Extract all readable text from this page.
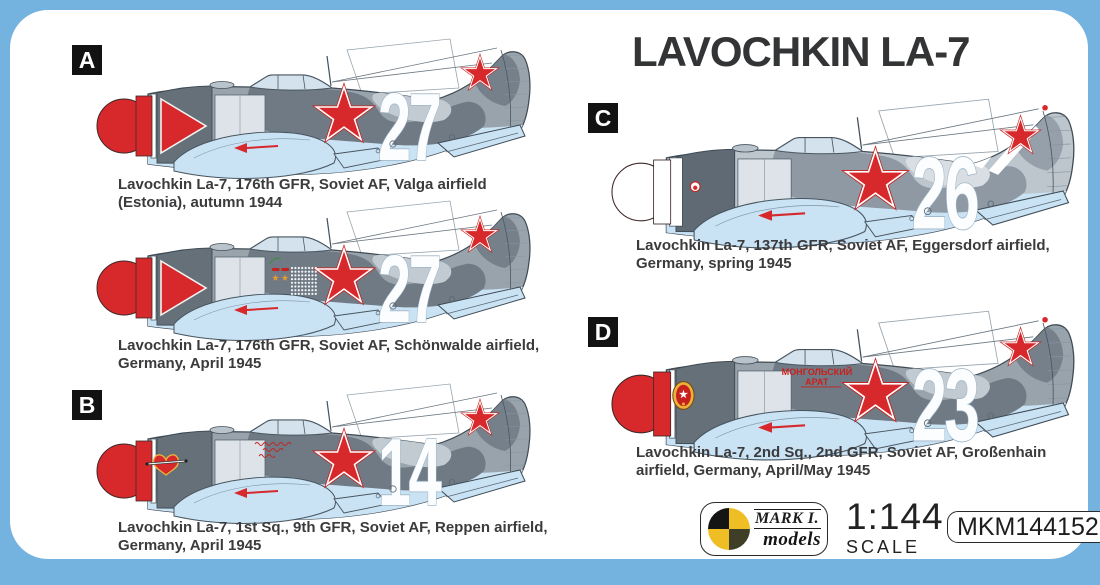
LAVOCHKIN LA-7
A
B
C
D
27
27
14
26
23
МОНГОЛЬСКИЙ
АРАТ
Lavochkin La-7, 176th GFR, Soviet AF, Valga airfield
(Estonia), autumn 1944
Lavochkin La-7, 176th GFR, Soviet AF, Schönwalde airfield,
Germany, April 1945
Lavochkin La-7, 1st Sq., 9th GFR, Soviet AF, Reppen airfield,
Germany, April 1945
Lavochkin La-7, 137th GFR, Soviet AF, Eggersdorf airfield,
Germany, spring 1945
Lavochkin La-7, 2nd Sq., 2nd GFR, Soviet AF, Großenhain
airfield, Germany, April/May 1945
MARK I.
models
1:144
SCALE
MKM144152
